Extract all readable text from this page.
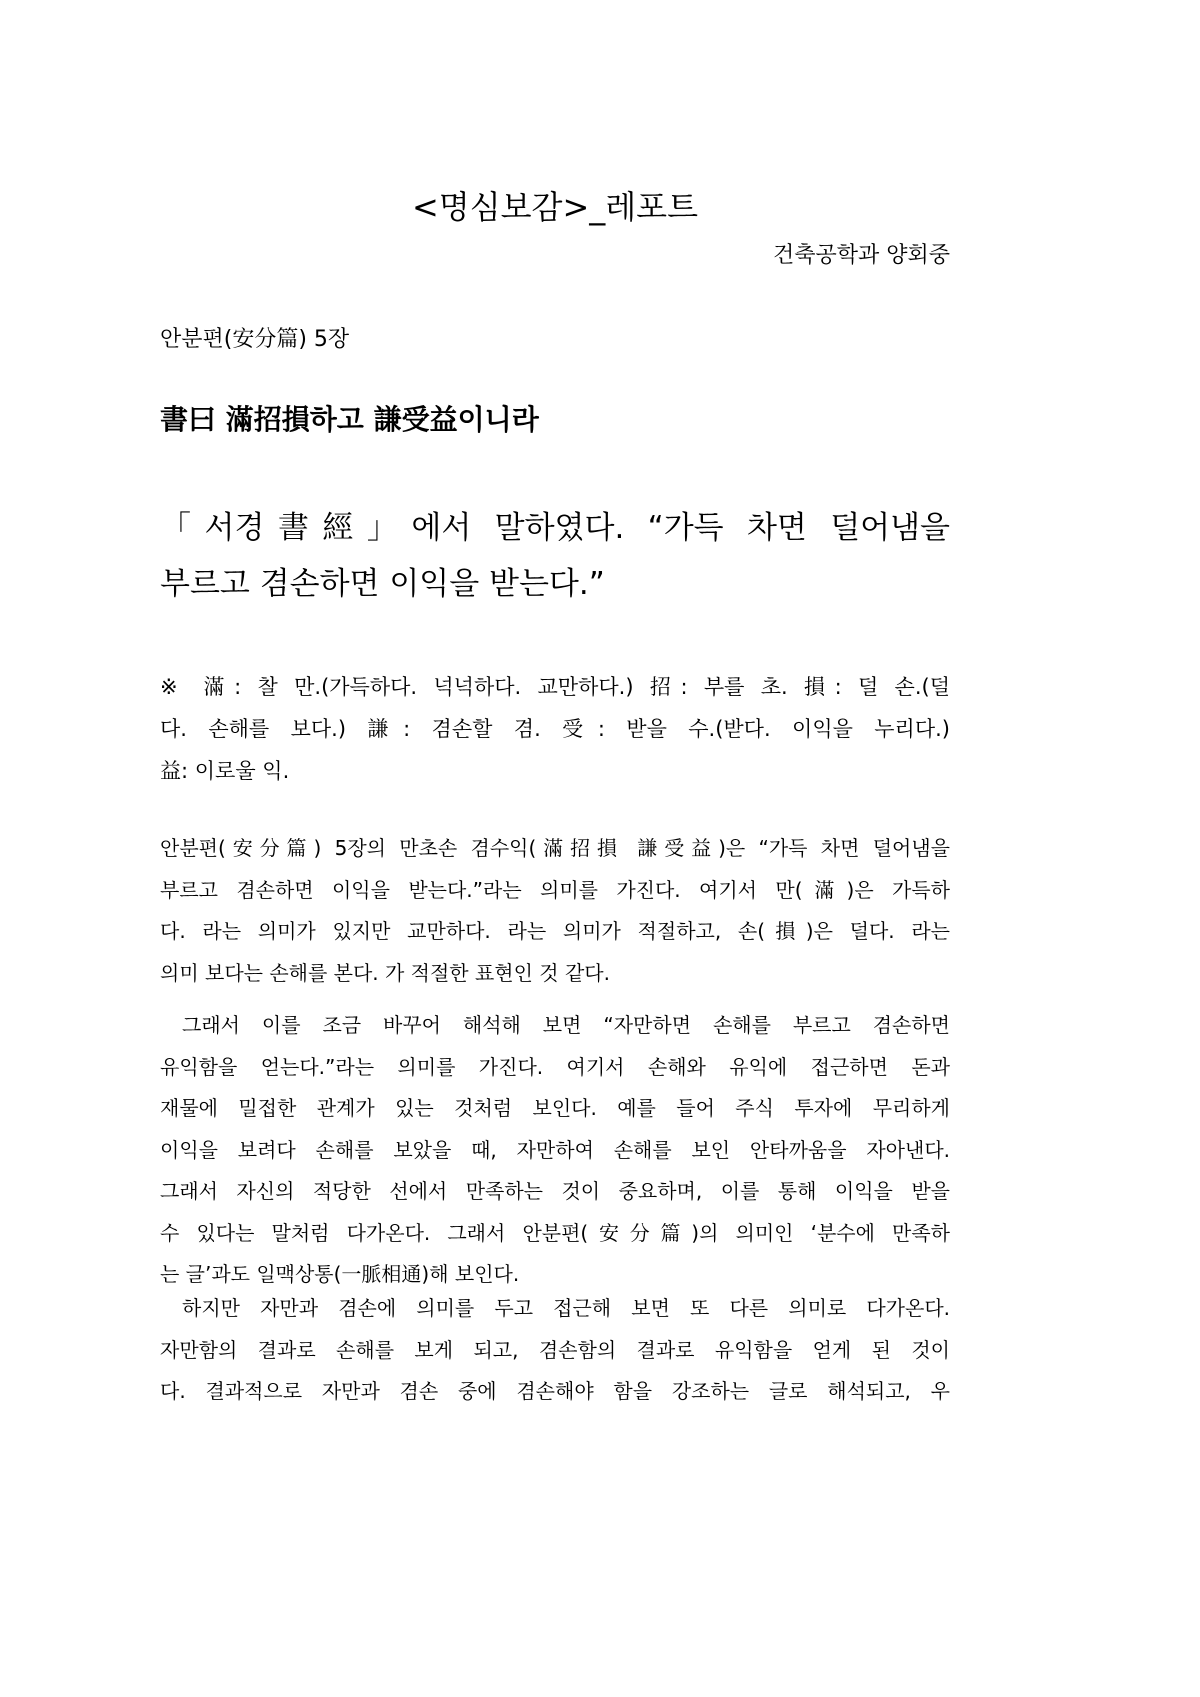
<명심보감>_레포트
건축공학과 양회중
안분편(安分篇) 5장
書曰 滿招損하고 謙受益이니라
「서경書經」에서 말하였다. “가득 차면 덜어냄을
부르고 겸손하면 이익을 받는다.”
※ 滿: 찰 만.(가득하다. 넉넉하다. 교만하다.) 招: 부를 초. 損: 덜 손.(덜
다. 손해를 보다.) 謙: 겸손할 겸. 受: 받을 수.(받다. 이익을 누리다.)
益: 이로울 익.
안분편(安分篇) 5장의 만초손 겸수익(滿招損 謙受益)은 “가득 차면 덜어냄을
부르고 겸손하면 이익을 받는다.”라는 의미를 가진다. 여기서 만(滿)은 가득하
다. 라는 의미가 있지만 교만하다. 라는 의미가 적절하고, 손(損)은 덜다. 라는
의미 보다는 손해를 본다. 가 적절한 표현인 것 같다.
그래서 이를 조금 바꾸어 해석해 보면 “자만하면 손해를 부르고 겸손하면
유익함을 얻는다.”라는 의미를 가진다. 여기서 손해와 유익에 접근하면 돈과
재물에 밀접한 관계가 있는 것처럼 보인다. 예를 들어 주식 투자에 무리하게
이익을 보려다 손해를 보았을 때, 자만하여 손해를 보인 안타까움을 자아낸다.
그래서 자신의 적당한 선에서 만족하는 것이 중요하며, 이를 통해 이익을 받을
수 있다는 말처럼 다가온다. 그래서 안분편(安分篇)의 의미인 ‘분수에 만족하
는 글’과도 일맥상통(一脈相通)해 보인다.
하지만 자만과 겸손에 의미를 두고 접근해 보면 또 다른 의미로 다가온다.
자만함의 결과로 손해를 보게 되고, 겸손함의 결과로 유익함을 얻게 된 것이
다. 결과적으로 자만과 겸손 중에 겸손해야 함을 강조하는 글로 해석되고, 우
